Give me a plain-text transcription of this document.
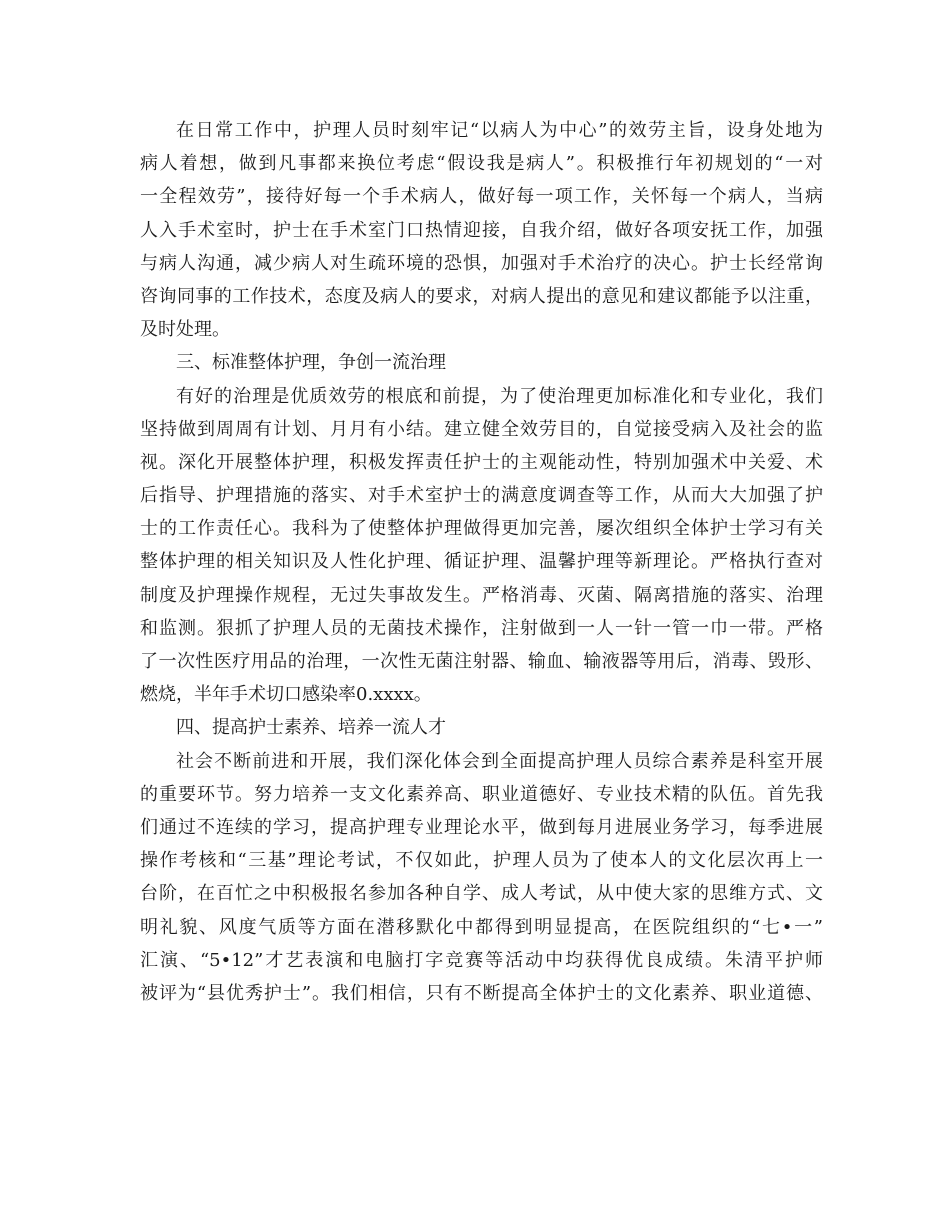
在日常工作中，护理人员时刻牢记“以病人为中心”的效劳主旨，设身处地为
病人着想，做到凡事都来换位考虑“假设我是病人”。积极推行年初规划的“一对
一全程效劳”，接待好每一个手术病人，做好每一项工作，关怀每一个病人，当病
人入手术室时，护士在手术室门口热情迎接，自我介绍，做好各项安抚工作，加强
与病人沟通，减少病人对生疏环境的恐惧，加强对手术治疗的决心。护士长经常询
咨询同事的工作技术，态度及病人的要求，对病人提出的意见和建议都能予以注重，
及时处理。
三、标准整体护理，争创一流治理
有好的治理是优质效劳的根底和前提，为了使治理更加标准化和专业化，我们
坚持做到周周有计划、月月有小结。建立健全效劳目的，自觉接受病入及社会的监
视。深化开展整体护理，积极发挥责任护士的主观能动性，特别加强术中关爱、术
后指导、护理措施的落实、对手术室护士的满意度调查等工作，从而大大加强了护
士的工作责任心。我科为了使整体护理做得更加完善，屡次组织全体护士学习有关
整体护理的相关知识及人性化护理、循证护理、温馨护理等新理论。严格执行查对
制度及护理操作规程，无过失事故发生。严格消毒、灭菌、隔离措施的落实、治理
和监测。狠抓了护理人员的无菌技术操作，注射做到一人一针一管一巾一带。严格
了一次性医疗用品的治理，一次性无菌注射器、输血、输液器等用后，消毒、毁形、
燃烧，半年手术切口感染率0.xxxx。
四、提高护士素养、培养一流人才
社会不断前进和开展，我们深化体会到全面提高护理人员综合素养是科室开展
的重要环节。努力培养一支文化素养高、职业道德好、专业技术精的队伍。首先我
们通过不连续的学习，提高护理专业理论水平，做到每月进展业务学习，每季进展
操作考核和“三基”理论考试，不仅如此，护理人员为了使本人的文化层次再上一
台阶，在百忙之中积极报名参加各种自学、成人考试，从中使大家的思维方式、文
明礼貌、风度气质等方面在潜移默化中都得到明显提高，在医院组织的“七•一”
汇演、“5•12”才艺表演和电脑打字竞赛等活动中均获得优良成绩。朱清平护师
被评为“县优秀护士”。我们相信，只有不断提高全体护士的文化素养、职业道德、
